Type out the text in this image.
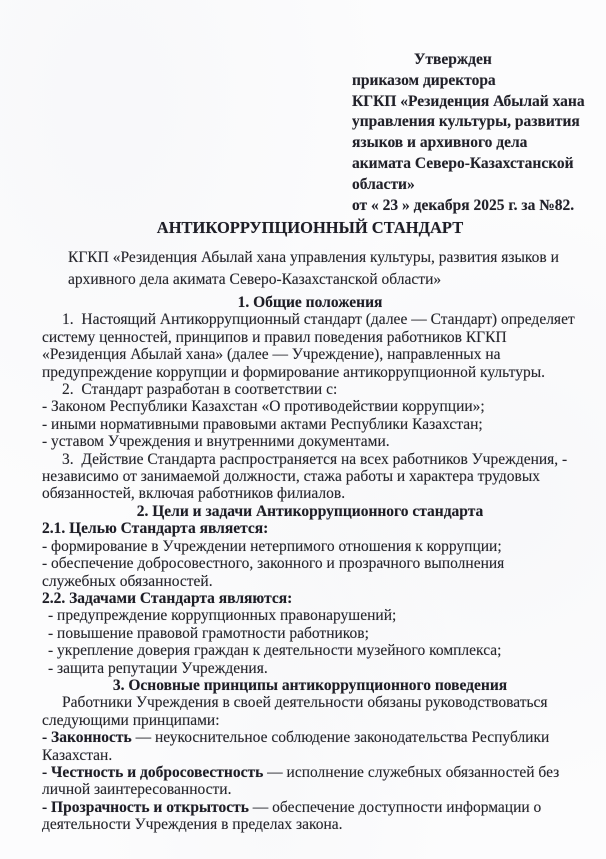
Утвержден
приказом директора
КГКП «Резиденция Абылай хана
управления культуры, развития
языков и архивного дела
акимата Северо-Казахстанской
области»
от « 23 » декабря 2025 г. за №82.
АНТИКОРРУПЦИОННЫЙ СТАНДАРТ
КГКП «Резиденция Абылай хана управления культуры, развития языков и архивного дела акимата Северо-Казахстанской области»
1. Общие положения
1. Настоящий Антикоррупционный стандарт (далее — Стандарт) определяет систему ценностей, принципов и правил поведения работников КГКП «Резиденция Абылай хана» (далее — Учреждение), направленных на предупреждение коррупции и формирование антикоррупционной культуры.
2. Стандарт разработан в соответствии с:
- Законом Республики Казахстан «О противодействии коррупции»;
- иными нормативными правовыми актами Республики Казахстан;
- уставом Учреждения и внутренними документами.
3. Действие Стандарта распространяется на всех работников Учреждения, - независимо от занимаемой должности, стажа работы и характера трудовых обязанностей, включая работников филиалов.
2. Цели и задачи Антикоррупционного стандарта
2.1. Целью Стандарта является:
- формирование в Учреждении нетерпимого отношения к коррупции;
- обеспечение добросовестного, законного и прозрачного выполнения служебных обязанностей.
2.2. Задачами Стандарта являются:
- предупреждение коррупционных правонарушений;
- повышение правовой грамотности работников;
- укрепление доверия граждан к деятельности музейного комплекса;
- защита репутации Учреждения.
3. Основные принципы антикоррупционного поведения
Работники Учреждения в своей деятельности обязаны руководствоваться следующими принципами:
- Законность — неукоснительное соблюдение законодательства Республики Казахстан.
- Честность и добросовестность — исполнение служебных обязанностей без личной заинтересованности.
- Прозрачность и открытость — обеспечение доступности информации о деятельности Учреждения в пределах закона.
